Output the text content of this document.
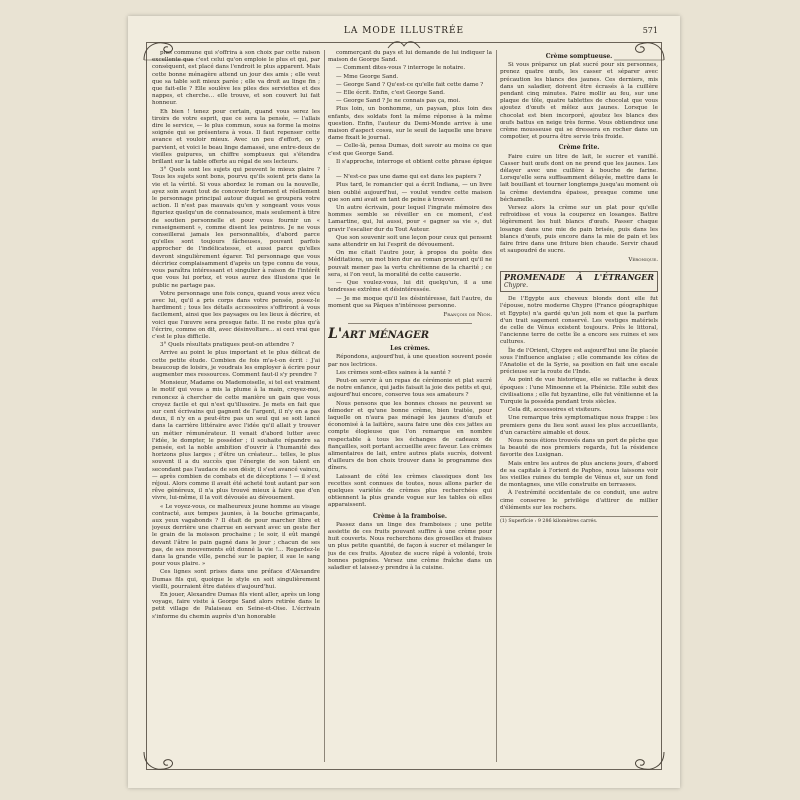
LA MODE ILLUSTRÉE	571

plus commune qui s'offrira à son choix par cette raison excellente que c'est celui qu'on emploie le plus et qui, par conséquent, est placé dans l'endroit le plus apparent. Mais cette bonne ménagère attend un jour des amis ; elle veut que sa table soit mieux parée ; elle va droit au linge fin ; que fait-elle ? Elle soulève les piles des serviettes et des nappes, et cherche… elle trouve, et son couvert lui fait honneur.

Eh bien ! tenez pour certain, quand vous serez les tiroirs de votre esprit, que ce sera la pensée, — l'allais dire le service, — le plus commun, sous sa forme la moins soignée qui se présentera à vous. Il faut repenser cette avance et vouloir mieux. Avec un peu d'effort, on y parvient, et voici le beau linge damassé, une entre-deux de vieilles guipures, un chiffre somptueux qui s'étendra brillant sur la table offerte au régal de ses lecteurs.

3° Quels sont les sujets qui peuvent le mieux plaire ? Tous les sujets sont bons, pourvu qu'ils soient pris dans la vie et la vérité. Si vous abordez le roman ou la nouvelle, ayez soin avant tout de concevoir fortement et réellement le personnage principal autour duquel se groupera votre action. Il n'est pas mauvais qu'en y songeant vous vous figuriez quelqu'un de connaissance, mais seulement à titre de soutien personnelle et pour vous fournir un « renseignement », comme disent les peintres. Je ne vous conseillerai jamais les personnalités, d'abord parce qu'elles sont toujours fâcheuses, pouvant parfois approcher de l'indélicatesse, et aussi parce qu'elles devront singulièrement égarer. Tel personnage que vous décririez complaisamment d'après un type connu de vous, vous paraîtra intéressant et singulier à raison de l'intérêt que vous lui portez, et vous aurez des illusions que le public ne partage pas.

Votre personnage une fois conçu, quand vous avez vécu avec lui, qu'il a pris corps dans votre pensée, posez-le hardiment ; tous les détails accessoires s'offriront à vous facilement, ainsi que les paysages ou les lieux à décrire, et voici que l'œuvre sera presque faite. Il ne reste plus qu'à l'écrire, comme on dit, avec désinvolture… si ceci vrai que c'est le plus difficile.

3° Quels résultats pratiques peut-on attendre ?

Arrive au point le plus important et le plus délicat de cette petite étude. Combien de fois m'a-t-on écrit : J'ai beaucoup de loisirs, je voudrais les employer à écrire pour augmenter mes ressources. Comment faut-il s'y prendre ?

Monsieur, Madame ou Mademoiselle, si tel est vraiment le motif qui vous a mis la plume à la main, croyez-moi, renoncez à chercher de cette manière un gain que vous croyez facile et qui n'est qu'illusoire. Je mets en fait que sur cent écrivains qui gagnent de l'argent, il n'y en a pas deux, il n'y en a peut-être pas un seul qui se soit lancé dans la carrière littéraire avec l'idée qu'il allait y trouver un métier rémunérateur. Il venait d'abord lutter avec l'idée, le dompter, le posséder ; il souhaite répandre sa pensée, est la noble ambition d'ouvrir à l'humanité des horizons plus larges ; d'être un créateur… telles, le plus souvent il a du succès que l'énergie de son talent en secondant pas l'audace de son désir, il s'est avancé vaincu, — après combien de combats et de déceptions ! — il s'est réjoui. Alors comme il avait été acheté tout autant par son rêve généreux, il n'a plus trouvé mieux à faire que d'en vivre, lui-même, il la voit dévouée au dévouement.

« Le voyez-vous, ce malheureux jeune homme au visage contracté, aux tempes jaunies, à la bouche grimaçante, aux yeux vagabonds ? Il était de pour marcher libre et joyeux derrière une charrue en servant avec un geste fier le grain de la moisson prochaine ; le soir, il eût mangé devant l'âtre le pain gagné dans le jour ; chacun de ses pas, de ses mouvements eût donné la vie !… Regardez-le dans la grande ville, penché sur le papier, il sue le sang pour vous plaire. »

Ces lignes sont prises dans une préface d'Alexandre Dumas fils qui, quoique le style en soit singulièrement vieilli, pourraient être datées d'aujourd'hui.

En jouer, Alexandre Dumas fils vient aller, après un long voyage, faire visite à George Sand alors retirée dans le petit village de Palaiseau en Seine-et-Oise. L'écrivain s'informe du chemin auprès d'un honorable

commerçant du pays et lui demande de lui indiquer la maison de George Sand.

— Comment dites-vous ? interroge le notaire.

— Mme George Sand.

— George Sand ? Qu'est-ce qu'elle fait cette dame ?

— Elle écrit. Enfin, c'est George Sand.

— George Sand ? Je ne connais pas ça, moi.

Plus loin, un bonhomme, un paysan, plus loin des enfants, des soldats font la même réponse à la même question. Enfin, l'auteur du Demi-Monde arrive à une maison d'aspect cossu, sur le seuil de laquelle une brave dame fixait le journal.

— Celle-là, pensa Dumas, doit savoir au moins ce que c'est que George Sand.

Il s'approche, interroge et obtient cette phrase épique :

— N'est-ce pas une dame qui est dans les papiers ?

Plus tard, le romancier qui a écrit Indiana, — un livre bien oublié aujourd'hui, — voulut vendre cette maison que son ami avait en tant de peine à trouver.

Un autre écrivain, pour lequel l'ingrate mémoire des hommes semble se réveiller en ce moment, c'est Lamartine, qui, lui aussi, pour « gagner sa vie », dut gravir l'escalier dur du Tout Auteur.

Que son souvenir soit une leçon pour ceux qui pensent sans attendrir en lui l'esprit de dévouement.

On me citait l'autre jour, à propos du poète des Méditations, un mot bien dur au roman prouvant qu'il ne pouvait mener pas la vertu chrétienne de la charité ; ce sera, si l'on veut, la moralité de cette causerie.

— Que voulez-vous, lui dit quelqu'un, il a une tendresse extrême et désintéressée.

— Je me moque qu'il les désintéresse, fait l'autre, du moment que sa Pâques n'intéresse personne.

François de Nion.
L'ART MÉNAGER
Les crèmes.

Répondons, aujourd'hui, à une question souvent posée par nos lectrices.

Les crèmes sont-elles saines à la santé ?

Peut-on servir à un repas de cérémonie et plat sucré de notre enfance, qui jadis faisait la joie des petits et qui, aujourd'hui encore, conserve tous ses amateurs ?

Nous pensons que les bonnes choses ne peuvent se démoder et qu'une bonne crème, bien traitée, pour laquelle on n'aura pas ménagé les jaunes d'œufs et économisé à la laitière, saura faire une dès ces jattes au compte élogieuse que l'on remarque en nombre respectable à tous les échanges de cadeaux de fiançailles, soit portant accueillie avec faveur. Les crèmes alimentaires de lait, entre autres plats sucrés, doivent d'ailleurs de bon choix trouver dans le programme des dîners.

Laissant de côté les crèmes classiques dont les recettes sont connues de toutes, nous allons parler de quelques variétés de crèmes plus recherchées qui obtiennent la plus grande vogue sur les tables où elles apparaissent.

Crème à la framboise.

Passez dans un linge des framboises ; une petite assiette de ces fruits pouvant suffire à une crème pour huit couverts. Nous recherchons des groseilles et fraises un plus petite quantité, de façon à sucrer et mélanger le jus de ces fruits. Ajoutez de sucre râpé à volonté, trois bonnes poignées. Versez une crème fraîche dans un saladier et laissez-y prendre à la cuisine.

Crème somptueuse.

Si vous préparez un plat sucré pour six personnes, prenez quatre œufs, les casser et séparer avec précaution les blancs des jaunes. Ces derniers, mis dans un saladier, doivent être écrasés à la cuillère pendant cinq minutes. Faire mollir au feu, sur une plaque de tôle, quatre tablettes de chocolat que vous ajoutez d'œufs et mêlez aux jaunes. Lorsque le chocolat est bien incorporé, ajoutez les blancs des œufs battus en neige très ferme. Vous obtiendrez une crème mousseuse qui se dressera en rocher dans un compotier, et pourra être servie très froide.

Crème frite.

Faire cuire un litre de lait, le sucrer et vanillé. Casser huit œufs dont on ne prend que les jaunes. Les délayer avec une cuillère à bouche de farine. Lorsqu'elle sera suffisamment délayée, mettre dans le lait bouillant et tourner longtemps jusqu'au moment où la crème deviendra épaisse, presque comme une béchamelle.

Versez alors la crème sur un plat pour qu'elle refroidisse et vous la couperez en losanges. Battre légèrement les huit blancs d'œufs. Passer chaque losange dans une mie de pain brisée, puis dans les blancs d'œufs, puis encore dans la mie de pain et les faire frire dans une friture bien chaude. Servir chaud et saupoudré de sucre.

Véronique.
PROMENADE À L'ÉTRANGER Chypre.

De l'Egypte aux cheveux blonds dont elle fut l'épouse, notre moderne Chypre (France géographique et Egypte) n'a gardé qu'un joli nom et que la parfum d'un trait sagement conservé. Les vestiges matériels de celle de Vénus existent toujours. Près le littoral, l'ancienne terre de cette île a encore ses ruines et ses cultures.

Île de l'Orient, Chypre est aujourd'hui une île placée sous l'influence anglaise ; elle commande les côtes de l'Anatolie et de la Syrie, sa position en fait une escale précieuse sur la route de l'Inde.

Au point de vue historique, elle se rattache à deux époques : l'une Minoenne et la Phénicie. Elle subit des civilisations ; elle fut byzantine, elle fut vénitienne et la Turquie la posséda pendant trois siècles.

Cela dit, accessoires et visiteurs.

Une remarque très symptomatique nous frappe : les premiers gens du lieu sont aussi les plus accueillants, d'un caractère aimable et doux.

Nous nous étions trouvés dans un port de pêche que la beauté de nos premiers regards, fut la résidence favorite des Lusignan.

Mais entre les autres de plus anciens jours, d'abord de sa capitale à l'orient de Paphos, nous laissons voir les vieilles ruines du temple de Vénus et, sur un fond de montagnes, une ville construite en terrasses.

À l'extrémité occidentale de ce conduit, une autre cime conserve le privilège d'attirer de millier d'éléments sur les rochers.

(1) Superficie : 9 286 kilomètres carrés.
